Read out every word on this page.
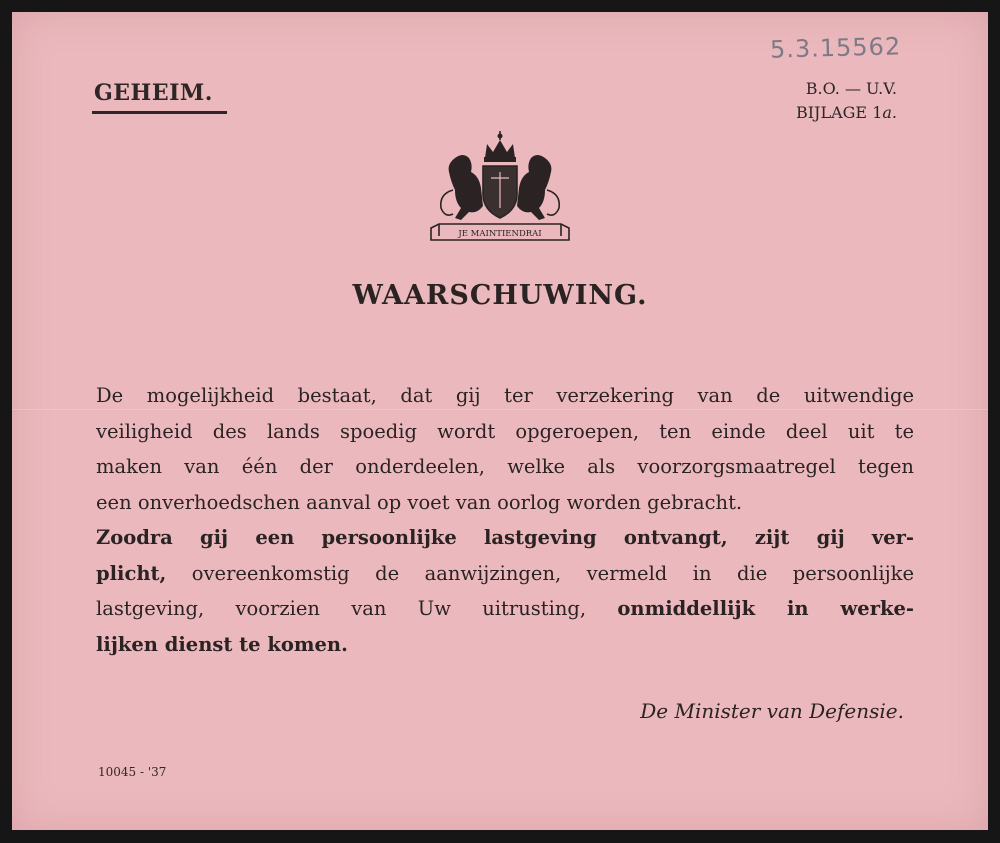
5.3.15562
GEHEIM.	B.O. — U.V.
BIJLAGE 1a.
JE MAINTIENDRAI
WAARSCHUWING.
De mogelijkheid bestaat, dat gij ter verzekering van de uitwendige
veiligheid des lands spoedig wordt opgeroepen, ten einde deel uit te
maken van één der onderdeelen, welke als voorzorgsmaatregel tegen
een onverhoedschen aanval op voet van oorlog worden gebracht.
Zoodra gij een persoonlijke lastgeving ontvangt, zijt gij ver-
plicht, overeenkomstig de aanwijzingen, vermeld in die persoonlijke
lastgeving, voorzien van Uw uitrusting, onmiddellijk in werke-
lijken dienst te komen.
De Minister van Defensie.
10045 - '37
